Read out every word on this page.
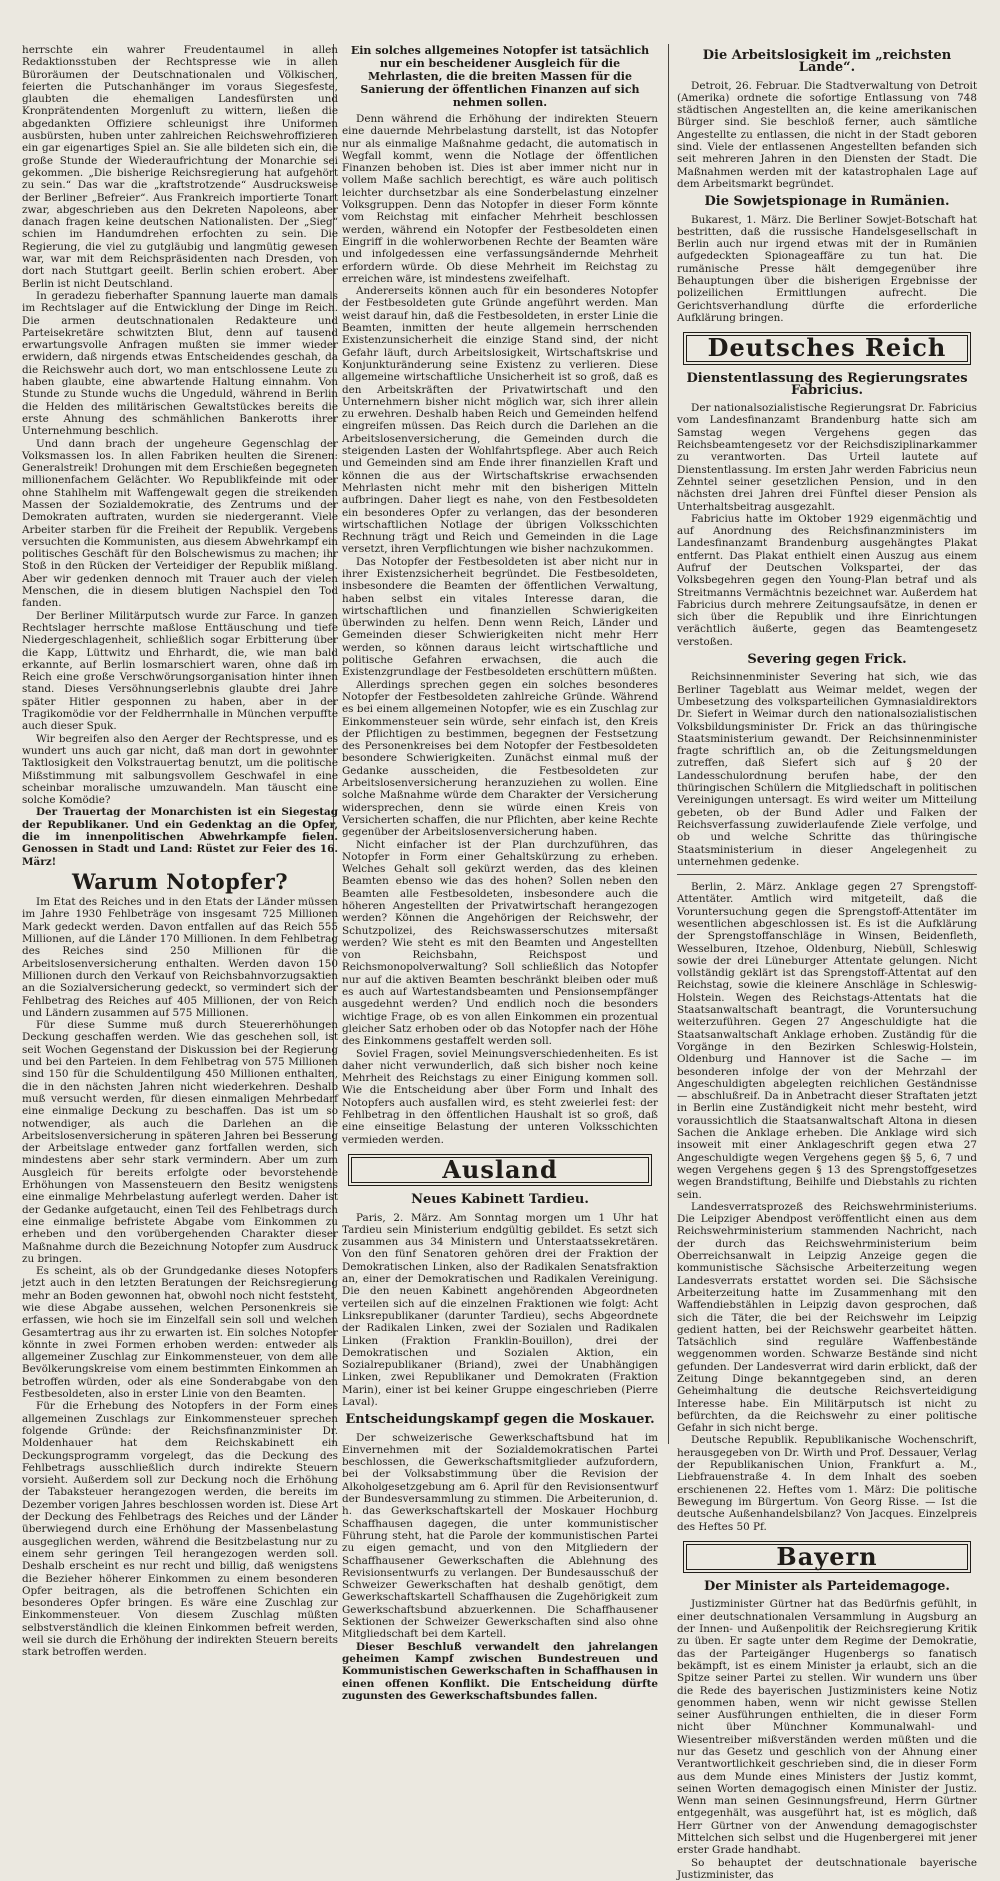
herrschte ein wahrer Freudentaumel in allen Redaktionsstuben der Rechtspresse wie in allen Büroräumen der Deutschnationalen und Völkischen, feierten die Putschanhänger im voraus Siegesfeste, glaubten die ehemaligen Landesfürsten und Kronprätendenten Morgenluft zu wittern, ließen die abgedankten Offiziere schleunigst ihre Uniformen ausbürsten, huben unter zahlreichen Reichswehroffizieren ein gar eigenartiges Spiel an. Sie alle bildeten sich ein, die große Stunde der Wiederaufrichtung der Monarchie sei gekommen. „Die bisherige Reichsregierung hat aufgehört zu sein.“ Das war die „kraftstrotzende“ Ausdrucksweise der Berliner „Befreier“. Aus Frankreich importierte Tonart zwar, abgeschrieben aus den Dekreten Napoleons, aber danach fragen keine deutschen Nationalisten. Der „Sieg“ schien im Handumdrehen erfochten zu sein. Die Regierung, die viel zu gutgläubig und langmütig gewesen war, war mit dem Reichspräsidenten nach Dresden, von dort nach Stuttgart geeilt. Berlin schien erobert. Aber Berlin ist nicht Deutschland.

In geradezu fieberhafter Spannung lauerte man damals im Rechtslager auf die Entwicklung der Dinge im Reich. Die armen deutschnationalen Redakteure und Parteisekretäre schwitzten Blut, denn auf tausend erwartungsvolle Anfragen mußten sie immer wieder erwidern, daß nirgends etwas Entscheidendes geschah, da die Reichswehr auch dort, wo man entschlossene Leute zu haben glaubte, eine abwartende Haltung einnahm. Von Stunde zu Stunde wuchs die Ungeduld, während in Berlin die Helden des militärischen Gewaltstückes bereits die erste Ahnung des schmählichen Bankerotts ihrer Unternehmung beschlich.

Und dann brach der ungeheure Gegenschlag der Volksmassen los. In allen Fabriken heulten die Sirenen: Generalstreik! Drohungen mit dem Erschießen begegneten millionenfachem Gelächter. Wo Republikfeinde mit oder ohne Stahlhelm mit Waffengewalt gegen die streikenden Massen der Sozialdemokratie, des Zentrums und der Demokraten auftraten, wurden sie niedergerannt. Viele Arbeiter starben für die Freiheit der Republik. Vergebens versuchten die Kommunisten, aus diesem Abwehrkampf ein politisches Geschäft für den Bolschewismus zu machen; ihr Stoß in den Rücken der Verteidiger der Republik mißlang. Aber wir gedenken dennoch mit Trauer auch der vielen Menschen, die in diesem blutigen Nachspiel den Tod fanden.

Der Berliner Militärputsch wurde zur Farce. In ganzen Rechtslager herrschte maßlose Enttäuschung und tiefe Niedergeschlagenheit, schließlich sogar Erbitterung über die Kapp, Lüttwitz und Ehrhardt, die, wie man bald erkannte, auf Berlin losmarschiert waren, ohne daß im Reich eine große Verschwörungsorganisation hinter ihnen stand. Dieses Versöhnungserlebnis glaubte drei Jahre später Hitler gesponnen zu haben, aber in der Tragikomödie vor der Feldherrnhalle in München verpuffte auch dieser Spuk.

Wir begreifen also den Aerger der Rechtspresse, und es wundert uns auch gar nicht, daß man dort in gewohnter Taktlosigkeit den Volkstrauertag benutzt, um die politische Mißstimmung mit salbungsvollem Geschwafel in eine scheinbar moralische umzuwandeln. Man täuscht eine solche Komödie?

Der Trauertag der Monarchisten ist ein Siegestag der Republikaner. Und ein Gedenktag an die Opfer, die im innenpolitischen Abwehrkampfe fielen. Genossen in Stadt und Land: Rüstet zur Feier des 16. März!

Warum Notopfer?

Im Etat des Reiches und in den Etats der Länder müssen im Jahre 1930 Fehlbeträge von insgesamt 725 Millionen Mark gedeckt werden. Davon entfallen auf das Reich 555 Millionen, auf die Länder 170 Millionen. In dem Fehlbetrag des Reiches sind 250 Millionen für die Arbeitslosenversicherung enthalten. Werden davon 150 Millionen durch den Verkauf von Reichsbahnvorzugsaktien an die Sozialversicherung gedeckt, so vermindert sich der Fehlbetrag des Reiches auf 405 Millionen, der von Reich und Ländern zusammen auf 575 Millionen.

Für diese Summe muß durch Steuererhöhungen Deckung geschaffen werden. Wie das geschehen soll, ist seit Wochen Gegenstand der Diskussion bei der Regierung und bei den Parteien. In dem Fehlbetrag von 575 Millionen sind 150 für die Schuldentilgung 450 Millionen enthalten, die in den nächsten Jahren nicht wiederkehren. Deshalb muß versucht werden, für diesen einmaligen Mehrbedarf eine einmalige Deckung zu beschaffen. Das ist um so notwendiger, als auch die Darlehen an die Arbeitslosenversicherung in späteren Jahren bei Besserung der Arbeitslage entweder ganz fortfallen werden, sich mindestens aber sehr stark vermindern. Aber um zum Ausgleich für bereits erfolgte oder bevorstehende Erhöhungen von Massensteuern den Besitz wenigstens eine einmalige Mehrbelastung auferlegt werden. Daher ist der Gedanke aufgetaucht, einen Teil des Fehlbetrags durch eine einmalige befristete Abgabe vom Einkommen zu erheben und den vorübergehenden Charakter dieser Maßnahme durch die Bezeichnung Notopfer zum Ausdruck zu bringen.

Es scheint, als ob der Grundgedanke dieses Notopfers jetzt auch in den letzten Beratungen der Reichsregierung mehr an Boden gewonnen hat, obwohl noch nicht feststeht, wie diese Abgabe aussehen, welchen Personenkreis sie erfassen, wie hoch sie im Einzelfall sein soll und welchen Gesamtertrag aus ihr zu erwarten ist. Ein solches Notopfer könnte in zwei Formen erhoben werden: entweder als allgemeiner Zuschlag zur Einkommensteuer, von dem alle Bevölkerungskreise vom einem bestimmten Einkommen an betroffen würden, oder als eine Sonderabgabe von den Festbesoldeten, also in erster Linie von den Beamten.

Für die Erhebung des Notopfers in der Form eines allgemeinen Zuschlags zur Einkommensteuer sprechen folgende Gründe: der Reichsfinanzminister Dr. Moldenhauer hat dem Reichskabinett ein Deckungsprogramm vorgelegt, das die Deckung des Fehlbetrags ausschließlich durch indirekte Steuern vorsieht. Außerdem soll zur Deckung noch die Erhöhung der Tabaksteuer herangezogen werden, die bereits im Dezember vorigen Jahres beschlossen worden ist. Diese Art der Deckung des Fehlbetrags des Reiches und der Länder überwiegend durch eine Erhöhung der Massenbelastung ausgeglichen werden, während die Besitzbelastung nur zu einem sehr geringen Teil herangezogen werden soll. Deshalb erscheint es nur recht und billig, daß wenigstens die Bezieher höherer Einkommen zu einem besonderen Opfer beitragen, als die betroffenen Schichten ein besonderes Opfer bringen. Es wäre eine Zuschlag zur Einkommensteuer. Von diesem Zuschlag müßten selbstverständlich die kleinen Einkommen befreit werden, weil sie durch die Erhöhung der indirekten Steuern bereits stark betroffen werden.

Ein solches allgemeines Notopfer ist tatsächlich nur ein bescheidener Ausgleich für die Mehrlasten, die die breiten Massen für die Sanierung der öffentlichen Finanzen auf sich nehmen sollen.

Denn während die Erhöhung der indirekten Steuern eine dauernde Mehrbelastung darstellt, ist das Notopfer nur als einmalige Maßnahme gedacht, die automatisch in Wegfall kommt, wenn die Notlage der öffentlichen Finanzen behoben ist. Dies ist aber immer nicht nur in vollem Maße sachlich berechtigt, es wäre auch politisch leichter durchsetzbar als eine Sonderbelastung einzelner Volksgruppen. Denn das Notopfer in dieser Form könnte vom Reichstag mit einfacher Mehrheit beschlossen werden, während ein Notopfer der Festbesoldeten einen Eingriff in die wohlerworbenen Rechte der Beamten wäre und infolgedessen eine verfassungsändernde Mehrheit erfordern würde. Ob diese Mehrheit im Reichstag zu erreichen wäre, ist mindestens zweifelhaft.

Andererseits können auch für ein besonderes Notopfer der Festbesoldeten gute Gründe angeführt werden. Man weist darauf hin, daß die Festbesoldeten, in erster Linie die Beamten, inmitten der heute allgemein herrschenden Existenzunsicherheit die einzige Stand sind, der nicht Gefahr läuft, durch Arbeitslosigkeit, Wirtschaftskrise und Konjunkturänderung seine Existenz zu verlieren. Diese allgemeine wirtschaftliche Unsicherheit ist so groß, daß es den Arbeitskräften der Privatwirtschaft und den Unternehmern bisher nicht möglich war, sich ihrer allein zu erwehren. Deshalb haben Reich und Gemeinden helfend eingreifen müssen. Das Reich durch die Darlehen an die Arbeitslosenversicherung, die Gemeinden durch die steigenden Lasten der Wohlfahrtspflege. Aber auch Reich und Gemeinden sind am Ende ihrer finanziellen Kraft und können die aus der Wirtschaftskrise erwachsenden Mehrlasten nicht mehr mit den bisherigen Mitteln aufbringen. Daher liegt es nahe, von den Festbesoldeten ein besonderes Opfer zu verlangen, das der besonderen wirtschaftlichen Notlage der übrigen Volksschichten Rechnung trägt und Reich und Gemeinden in die Lage versetzt, ihren Verpflichtungen wie bisher nachzukommen.

Das Notopfer der Festbesoldeten ist aber nicht nur in ihrer Existenzsicherheit begründet. Die Festbesoldeten, insbesondere die Beamten der öffentlichen Verwaltung, haben selbst ein vitales Interesse daran, die wirtschaftlichen und finanziellen Schwierigkeiten überwinden zu helfen. Denn wenn Reich, Länder und Gemeinden dieser Schwierigkeiten nicht mehr Herr werden, so können daraus leicht wirtschaftliche und politische Gefahren erwachsen, die auch die Existenzgrundlage der Festbesoldeten erschüttern müßten.

Allerdings sprechen gegen ein solches besonderes Notopfer der Festbesoldeten zahlreiche Gründe. Während es bei einem allgemeinen Notopfer, wie es ein Zuschlag zur Einkommensteuer sein würde, sehr einfach ist, den Kreis der Pflichtigen zu bestimmen, begegnen der Festsetzung des Personenkreises bei dem Notopfer der Festbesoldeten besondere Schwierigkeiten. Zunächst einmal muß der Gedanke ausscheiden, die Festbesoldeten zur Arbeitslosenversicherung heranzuziehen zu wollen. Eine solche Maßnahme würde dem Charakter der Versicherung widersprechen, denn sie würde einen Kreis von Versicherten schaffen, die nur Pflichten, aber keine Rechte gegenüber der Arbeitslosenversicherung haben.

Nicht einfacher ist der Plan durchzuführen, das Notopfer in Form einer Gehaltskürzung zu erheben. Welches Gehalt soll gekürzt werden, das des kleinen Beamten ebenso wie das des hohen? Sollen neben den Beamten alle Festbesoldeten, insbesondere auch die höheren Angestellten der Privatwirtschaft herangezogen werden? Können die Angehörigen der Reichswehr, der Schutzpolizei, des Reichswasserschutzes mitersaßt werden? Wie steht es mit den Beamten und Angestellten von Reichsbahn, Reichspost und Reichsmonopolverwaltung? Soll schließlich das Notopfer nur auf die aktiven Beamten beschränkt bleiben oder muß es auch auf Wartestandsbeamten und Pensionsempfänger ausgedehnt werden? Und endlich noch die besonders wichtige Frage, ob es von allen Einkommen ein prozentual gleicher Satz erhoben oder ob das Notopfer nach der Höhe des Einkommens gestaffelt werden soll.

Soviel Fragen, soviel Meinungsverschiedenheiten. Es ist daher nicht verwunderlich, daß sich bisher noch keine Mehrheit des Reichstags zu einer Einigung kommen soll. Wie die Entscheidung aber über Form und Inhalt des Notopfers auch ausfallen wird, es steht zweierlei fest: der Fehlbetrag in den öffentlichen Haushalt ist so groß, daß eine einseitige Belastung der unteren Volksschichten vermieden werden.

Ausland
Neues Kabinett Tardieu.

Paris, 2. März. Am Sonntag morgen um 1 Uhr hat Tardieu sein Ministerium endgültig gebildet. Es setzt sich zusammen aus 34 Ministern und Unterstaatssekretären. Von den fünf Senatoren gehören drei der Fraktion der Demokratischen Linken, also der Radikalen Senatsfraktion an, einer der Demokratischen und Radikalen Vereinigung. Die den neuen Kabinett angehörenden Abgeordneten verteilen sich auf die einzelnen Fraktionen wie folgt: Acht Linksrepublikaner (darunter Tardieu), sechs Abgeordnete der Radikalen Linken, zwei der Sozialen und Radikalen Linken (Fraktion Franklin-Bouillon), drei der Demokratischen und Sozialen Aktion, ein Sozialrepublikaner (Briand), zwei der Unabhängigen Linken, zwei Republikaner und Demokraten (Fraktion Marin), einer ist bei keiner Gruppe eingeschrieben (Pierre Laval).

Entscheidungskampf gegen die Moskauer.

Der schweizerische Gewerkschaftsbund hat im Einvernehmen mit der Sozialdemokratischen Partei beschlossen, die Gewerkschaftsmitglieder aufzufordern, bei der Volksabstimmung über die Revision der Alkoholgesetzgebung am 6. April für den Revisionsentwurf der Bundesversammlung zu stimmen. Die Arbeiterunion, d. h. das Gewerkschaftskartell der Moskauer Hochburg Schaffhausen dagegen, die unter kommunistischer Führung steht, hat die Parole der kommunistischen Partei zu eigen gemacht, und von den Mitgliedern der Schaffhausener Gewerkschaften die Ablehnung des Revisionsentwurfs zu verlangen. Der Bundesausschuß der Schweizer Gewerkschaften hat deshalb genötigt, dem Gewerkschaftskartell Schaffhausen die Zugehörigkeit zum Gewerkschaftsbund abzuerkennen. Die Schaffhausener Sektionen der Schweizer Gewerkschaften sind also ohne Mitgliedschaft bei dem Kartell.

Dieser Beschluß verwandelt den jahrelangen geheimen Kampf zwischen Bundestreuen und Kommunistischen Gewerkschaften in Schaffhausen in einen offenen Konflikt. Die Entscheidung dürfte zugunsten des Gewerkschaftsbundes fallen.

Die Arbeitslosigkeit im „reichsten Lande“.

Detroit, 26. Februar. Die Stadtverwaltung von Detroit (Amerika) ordnete die sofortige Entlassung von 748 städtischen Angestellten an, die keine amerikanischen Bürger sind. Sie beschloß ferner, auch sämtliche Angestellte zu entlassen, die nicht in der Stadt geboren sind. Viele der entlassenen Angestellten befanden sich seit mehreren Jahren in den Diensten der Stadt. Die Maßnahmen werden mit der katastrophalen Lage auf dem Arbeitsmarkt begründet.

Die Sowjetspionage in Rumänien.

Bukarest, 1. März. Die Berliner Sowjet-Botschaft hat bestritten, daß die russische Handelsgesellschaft in Berlin auch nur irgend etwas mit der in Rumänien aufgedeckten Spionageaffäre zu tun hat. Die rumänische Presse hält demgegenüber ihre Behauptungen über die bisherigen Ergebnisse der polizeilichen Ermittlungen aufrecht. Die Gerichtsverhandlung dürfte die erforderliche Aufklärung bringen.

Deutsches Reich
Dienstentlassung des Regierungsrates Fabricius.

Der nationalsozialistische Regierungsrat Dr. Fabricius vom Landesfinanzamt Brandenburg hatte sich am Samstag wegen Vergehens gegen das Reichsbeamtengesetz vor der Reichsdisziplinarkammer zu verantworten. Das Urteil lautete auf Dienstentlassung. Im ersten Jahr werden Fabricius neun Zehntel seiner gesetzlichen Pension, und in den nächsten drei Jahren drei Fünftel dieser Pension als Unterhaltsbeitrag ausgezahlt.

Fabricius hatte im Oktober 1929 eigenmächtig und auf Anordnung des Reichsfinanzministers im Landesfinanzamt Brandenburg ausgehängtes Plakat entfernt. Das Plakat enthielt einen Auszug aus einem Aufruf der Deutschen Volkspartei, der das Volksbegehren gegen den Young-Plan betraf und als Streitmanns Vermächtnis bezeichnet war. Außerdem hat Fabricius durch mehrere Zeitungsaufsätze, in denen er sich über die Republik und ihre Einrichtungen verächtlich äußerte, gegen das Beamtengesetz verstoßen.

Severing gegen Frick.

Reichsinnenminister Severing hat sich, wie das Berliner Tageblatt aus Weimar meldet, wegen der Umbesetzung des volksparteilichen Gymnasialdirektors Dr. Siefert in Weimar durch den nationalsozialistischen Volksbildungsminister Dr. Frick an das thüringische Staatsministerium gewandt. Der Reichsinnenminister fragte schriftlich an, ob die Zeitungsmeldungen zutreffen, daß Siefert sich auf § 20 der Landesschulordnung berufen habe, der den thüringischen Schülern die Mitgliedschaft in politischen Vereinigungen untersagt. Es wird weiter um Mitteilung gebeten, ob der Bund Adler und Falken der Reichsverfassung zuwiderlaufende Ziele verfolge, und ob und welche Schritte das thüringische Staatsministerium in dieser Angelegenheit zu unternehmen gedenke.

Berlin, 2. März. Anklage gegen 27 Sprengstoff-Attentäter. Amtlich wird mitgeteilt, daß die Voruntersuchung gegen die Sprengstoff-Attentäter im wesentlichen abgeschlossen ist. Es ist die Aufklärung der Sprengstoffanschläge in Winsen, Beidenfleth, Wesselburen, Itzehoe, Oldenburg, Niebüll, Schleswig sowie der drei Lüneburger Attentate gelungen. Nicht vollständig geklärt ist das Sprengstoff-Attentat auf den Reichstag, sowie die kleinere Anschläge in Schleswig-Holstein. Wegen des Reichstags-Attentats hat die Staatsanwaltschaft beantragt, die Voruntersuchung weiterzuführen. Gegen 27 Angeschuldigte hat die Staatsanwaltschaft Anklage erhoben. Zuständig für die Vorgänge in den Bezirken Schleswig-Holstein, Oldenburg und Hannover ist die Sache — im besonderen infolge der von der Mehrzahl der Angeschuldigten abgelegten reichlichen Geständnisse — abschlußreif. Da in Anbetracht dieser Straftaten jetzt in Berlin eine Zuständigkeit nicht mehr besteht, wird voraussichtlich die Staatsanwaltschaft Altona in diesen Sachen die Anklage erheben. Die Anklage wird sich insoweit mit einer Anklageschrift gegen etwa 27 Angeschuldigte wegen Vergehens gegen §§ 5, 6, 7 und wegen Vergehens gegen § 13 des Sprengstoffgesetzes wegen Brandstiftung, Beihilfe und Diebstahls zu richten sein.

Landesverratsprozeß des Reichswehrministeriums. Die Leipziger Abendpost veröffentlicht einen aus dem Reichswehrministerium stammenden Nachricht, nach der durch das Reichswehrministerium beim Oberreichsanwalt in Leipzig Anzeige gegen die kommunistische Sächsische Arbeiterzeitung wegen Landesverrats erstattet worden sei. Die Sächsische Arbeiterzeitung hatte im Zusammenhang mit den Waffendiebstählen in Leipzig davon gesprochen, daß sich die Täter, die bei der Reichswehr im Leipzig gedient hatten, bei der Reichswehr gearbeitet hätten. Tatsächlich sind reguläre Waffenbestände weggenommen worden. Schwarze Bestände sind nicht gefunden. Der Landesverrat wird darin erblickt, daß der Zeitung Dinge bekanntgegeben sind, an deren Geheimhaltung die deutsche Reichsverteidigung Interesse habe. Ein Militärputsch ist nicht zu befürchten, da die Reichswehr zu einer politische Gefahr in sich nicht berge.

Deutsche Republik. Republikanische Wochenschrift, herausgegeben von Dr. Wirth und Prof. Dessauer, Verlag der Republikanischen Union, Frankfurt a. M., Liebfrauenstraße 4. In dem Inhalt des soeben erschienenen 22. Heftes vom 1. März: Die politische Bewegung im Bürgertum. Von Georg Risse. — Ist die deutsche Außenhandelsbilanz? Von Jacques. Einzelpreis des Heftes 50 Pf.

Bayern
Der Minister als Parteidemagoge.

Justizminister Gürtner hat das Bedürfnis gefühlt, in einer deutschnationalen Versammlung in Augsburg an der Innen- und Außenpolitik der Reichsregierung Kritik zu üben. Er sagte unter dem Regime der Demokratie, das der Parteigänger Hugenbergs so fanatisch bekämpft, ist es einem Minister ja erlaubt, sich an die Spitze seiner Partei zu stellen. Wir wundern uns über die Rede des bayerischen Justizministers keine Notiz genommen haben, wenn wir nicht gewisse Stellen seiner Ausführungen enthielten, die in dieser Form nicht über Münchner Kommunalwahl- und Wiesentreiber mißverständen werden müßten und die nur das Gesetz und geschlich von der Ahnung einer Verantwortlichkeit geschrieben sind, die in dieser Form aus dem Munde eines Ministers der Justiz kommt, seinen Worten demagogisch einen Minister der Justiz. Wenn man seinen Gesinnungsfreund, Herrn Gürtner entgegenhält, was ausgeführt hat, ist es möglich, daß Herr Gürtner von der Anwendung demagogischster Mittelchen sich selbst und die Hugenbergerei mit jener erster Grade handhabt.

So behauptet der deutschnationale bayerische Justizminister, das
